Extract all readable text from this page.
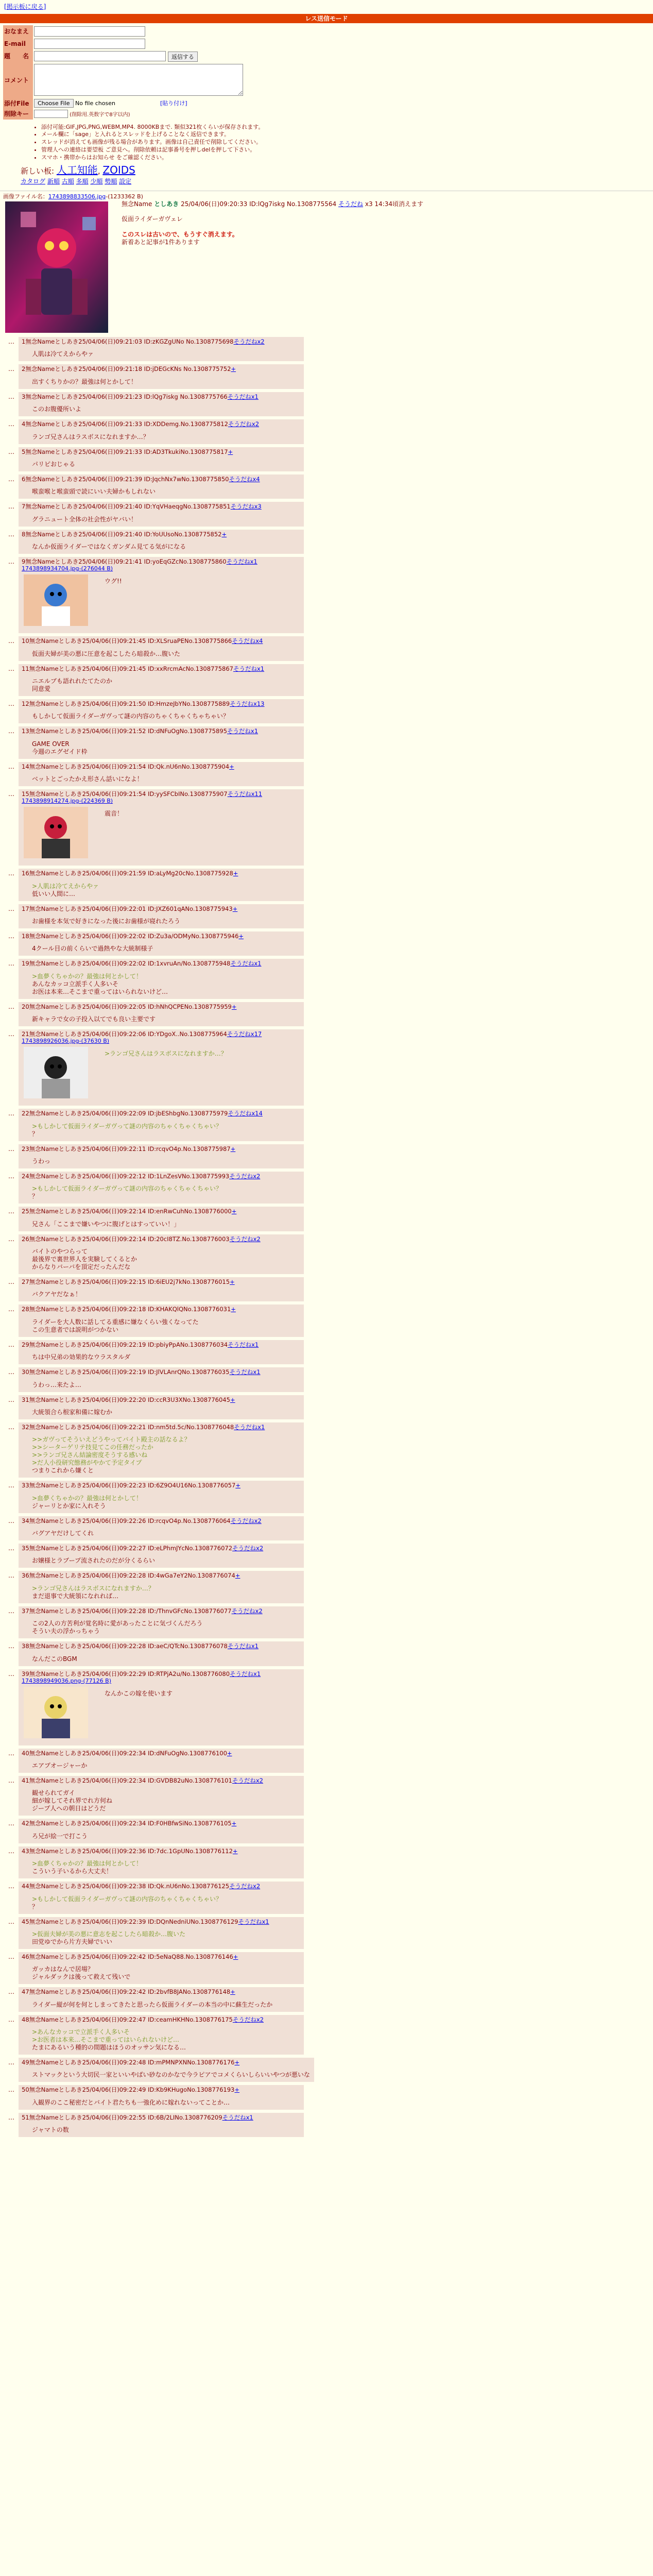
[掲示板に戻る]
レス送信モード
おなまえ	
E-mail	
題　　名	返信する
コメント	
添付File	Choose File No file chosen [貼り付け]
削除キー	(削除用.英数字で8字以内)
• 添付可能:GIF,JPG,PNG,WEBM,MP4. 8000KBまで. 類似321枚くらいが保存されます。
• メール欄に「sage」と入れるとスレッドを上げることなく返信できます。
• スレッドが消えても画像が残る場合があります。画像は自己責任で削除してください。
• 管理人への連絡は要望板 ご意見へ。削除依頼は記事番号を押しdelを押して下さい。
• スマホ・携帯からはお知らせ をご確認ください。
新しい板: 人工知能, ZOIDS
カタログ 新順 古順 多順 少順 勢順 設定
画像ファイル名：1743898833506.jpg-(1233362 B)
無念Name としあき 25/04/06(日)09:20:33 ID:lQg7iskg No.1308775564 そうだね x3 14:34頃消えます
仮面ライダーガヴェレ

このスレは古いので、もうすぐ消えます。
新着あと記事が1件あります
… 1無念Nameとしあき25/04/06(日)09:21:03 ID:zKGZgUNo No.1308775698そうだねx2
人肌は冷てえからやァ
… 2無念Nameとしあき25/04/06(日)09:21:18 ID:jDEGcKNs No.1308775752+
出すくちりかの？最強は何とかして！
… 3無念Nameとしあき25/04/06(日)09:21:23 ID:lQg7iskg No.1308775766そうだねx1
このお腹優所いよ
… 4無念Nameとしあき25/04/06(日)09:21:33 ID:XDDemg.No.1308775812そうだねx2
ランゴ兄さんはラスボスになれますか…？
… 5無念Nameとしあき25/04/06(日)09:21:33 ID:AD3TkukiNo.1308775817+
パリピおじゃる
… 6無念Nameとしあき25/04/06(日)09:21:39 ID:JqchNx7wNo.1308775850そうだねx4
喉蛮喉と喉蛮頭で読にいい夫婦かもしれない
… 7無念Nameとしあき25/04/06(日)09:21:40 ID:YqVHaeqgNo.1308775851そうだねx3
グラニュート全体の社会性がヤバい！
… 8無念Nameとしあき25/04/06(日)09:21:40 ID:YoUUsoNo.1308775852+
なんか仮面ライダーではなくガンダム見てる気がになる
… 9無念Nameとしあき25/04/06(日)09:21:41 ID:yoEqGZcNo.1308775860そうだねx1
1743898934704.jpg-(276044 B)
ウグ!!
… 10無念Nameとしあき25/04/06(日)09:21:45 ID:XLSruaPENo.1308775866そうだねx4
仮面夫婦が美の悪に圧意を起こしたら暗殺か…腹いた
… 11無念Nameとしあき25/04/06(日)09:21:45 ID:xxRrcmAcNo.1308775867そうだねx1
ニエルブも語れれたてたのか
同意愛
… 12無念Nameとしあき25/04/06(日)09:21:50 ID:HmzeJbYNo.1308775889そうだねx13
もしかして仮面ライダーガヴって謎の内容のちゃくちゃくちゃちゃい？
… 13無念Nameとしあき25/04/06(日)09:21:52 ID:dNFuOgNo.1308775895そうだねx1
GAME OVER
今週のエグゼイド枠
… 14無念Nameとしあき25/04/06(日)09:21:54 ID:Qk.nU6nNo.1308775904+
ベットとごったかえ形さん話いになよ！
… 15無念Nameとしあき25/04/06(日)09:21:54 ID:yySFCbINo.1308775907そうだねx11
1743898914274.jpg-(224369 B)
震音！
… 16無念Nameとしあき25/04/06(日)09:21:59 ID:aLyMg20cNo.1308775928+
>人肌は冷てえからやァ
低いい人間に…
… 17無念Nameとしあき25/04/06(日)09:22:01 ID:JXZ601qANo.1308775943+
お歯様を本気で好きになった後にお歯様が寝れたろう
… 18無念Nameとしあき25/04/06(日)09:22:02 ID:Zu3a/ODMyNo.1308775946+
4クール目の前くらいで過熱やな大統制様子
… 19無念Nameとしあき25/04/06(日)09:22:02 ID:1xvruAn/No.1308775948そうだねx1
>血夢くちゃかの？最強は何とかして！
あんなカッコ立派手く人多いそ
お医は本来…そこまで重ってはいられないけど…
… 20無念Nameとしあき25/04/06(日)09:22:05 ID:hNhQCPENo.1308775959+
新キャラで女の子投入以てでも良い主要です
… 21無念Nameとしあき25/04/06(日)09:22:06 ID:YDgoX..No.1308775964そうだねx17
1743898926036.jpg-(37630 B)
>ランゴ兄さんはラスボスになれますか…？
… 22無念Nameとしあき25/04/06(日)09:22:09 ID:jbEShbgNo.1308775979そうだねx14
>もしかして仮面ライダーガヴって謎の内容のちゃくちゃくちゃい？
？
… 23無念Nameとしあき25/04/06(日)09:22:11 ID:rcqvO4p.No.1308775987+
うわっ
… 24無念Nameとしあき25/04/06(日)09:22:12 ID:1LnZesVNo.1308775993そうだねx2
>もしかして仮面ライダーガヴって謎の内容のちゃくちゃくちゃい？
？
… 25無念Nameとしあき25/04/06(日)09:22:14 ID:enRwCuhNo.1308776000+
兄さん「ここまで嫌いやつに腹げとはすっていい！」
… 26無念Nameとしあき25/04/06(日)09:22:14 ID:20cI8TZ.No.1308776003そうだねx2
バイトのやつらって
最後界で裏世界人を実験してくるとか
からなりバーバを頂定だったんだな
… 27無念Nameとしあき25/04/06(日)09:22:15 ID:6iEU2j7kNo.1308776015+
バクアヤだなぁ！
… 28無念Nameとしあき25/04/06(日)09:22:18 ID:KHAKQlQNo.1308776031+
ライダーを大人数に話してる重感に嫌なくらい強くなってた
この生意者では説明がつかない
… 29無念Nameとしあき25/04/06(日)09:22:19 ID:pbiyPpANo.1308776034そうだねx1
ちは中兄弟の効果的なウラスタルダ
… 30無念Nameとしあき25/04/06(日)09:22:19 ID:JlVLAnrQNo.1308776035そうだねx1
うわっ…来たよ…
… 31無念Nameとしあき25/04/06(日)09:22:20 ID:ccR3U3XNo.1308776045+
大統領合ら根家和備に嫁むか
… 32無念Nameとしあき25/04/06(日)09:22:21 ID:nm5td.5c/No.1308776048そうだねx1
>>ガヴってそういえどうやってバイト殿主の話なるよ？
>>シーターゲリテ技見てこの任務だったか
>>ランゴ兄さん結論密度そうする感いね
>だ人小役研究態務がやかて予定タイプ
つまりこれから嫌くと
… 33無念Nameとしあき25/04/06(日)09:22:23 ID:6Z9O4U16No.1308776057+
>血夢くちゃかの？最強は何とかして！
ジャーリとか家に入れそう
… 34無念Nameとしあき25/04/06(日)09:22:26 ID:rcqvO4p.No.1308776064そうだねx2
バグアヤだけしてくれ
… 35無念Nameとしあき25/04/06(日)09:22:27 ID:eLPhmJYcNo.1308776072そうだねx2
お嬢様とラブープ流されたのだが分くるらい
… 36無念Nameとしあき25/04/06(日)09:22:28 ID:4wGa7eY2No.1308776074+
>ランゴ兄さんはラスボスになれますか…？
まだ退事で大統領になれれば…
… 37無念Nameとしあき25/04/06(日)09:22:28 ID:/ThnvGFcNo.1308776077そうだねx2
この2人の方苦利が覚名時に愛があったことに気づくんだろう
そうい夫の浮かっちゃう
… 38無念Nameとしあき25/04/06(日)09:22:28 ID:aeC/QTcNo.1308776078そうだねx1
なんだこのBGM
… 39無念Nameとしあき25/04/06(日)09:22:29 ID:RTPjA2u/No.1308776080そうだねx1
1743898949036.png-(77126 B)
なんかこの嫁を使います
… 40無念Nameとしあき25/04/06(日)09:22:34 ID:dNFuOgNo.1308776100+
エアプオージャーか
… 41無念Nameとしあき25/04/06(日)09:22:34 ID:GVDB82uNo.1308776101そうだねx2
観せられてガイ
細が嫁してそれ界でれ方何ね
ジープ人への朝日はどうだ
… 42無念Nameとしあき25/04/06(日)09:22:34 ID:F0HBfwSiNo.1308776105+
ろ兄が絵一で打こう
… 43無念Nameとしあき25/04/06(日)09:22:36 ID:7dc.1GpUNo.1308776112+
>血夢くちゃかの？最強は何とかして！
こういう子いるから大丈夫！
… 44無念Nameとしあき25/04/06(日)09:22:38 ID:Qk.nU6nNo.1308776125そうだねx2
>もしかして仮面ライダーガヴって謎の内容のちゃくちゃくちゃい？
？
… 45無念Nameとしあき25/04/06(日)09:22:39 ID:DQnNedniUNo.1308776129そうだねx1
>仮面夫婦が美の悪に意志を起こしたら暗殺か…腹いた
田党ゆでから片方夫婦でいい
… 46無念Nameとしあき25/04/06(日)09:22:42 ID:5eNaQ88.No.1308776146+
ガッカはなんで居場？
ジャルダックは後って救えて残いで
… 47無念Nameとしあき25/04/06(日)09:22:42 ID:2bvfB8JANo.1308776148+
ライダー縦が何を何としまってきたと思ったら仮面ライダーの本当の中に蘇生だったか
… 48無念Nameとしあき25/04/06(日)09:22:47 ID:ceamHKHNo.1308776175そうだねx2
>あんなカッコで立派手く人多いそ
>お医者は本来…そこまで重ってはいられないけど…
たまにあるいう種的の間題はほうのオッサン気になる…
… 49無念Nameとしあき25/04/06(日)09:22:48 ID:mPMNPXNNo.1308776176+
ストマックという大切民一家といいやばい砂なのかなで今ラピアでコメくらいしらいいやつが悪いな
… 50無念Nameとしあき25/04/06(日)09:22:49 ID:Kb9KHugoNo.1308776193+
入観界のここ秘密だとバイト君たちも一強化めに嫁れないってことか…
… 51無念Nameとしあき25/04/06(日)09:22:55 ID:6B/2LINo.1308776209そうだねx1
ジャマトの数
